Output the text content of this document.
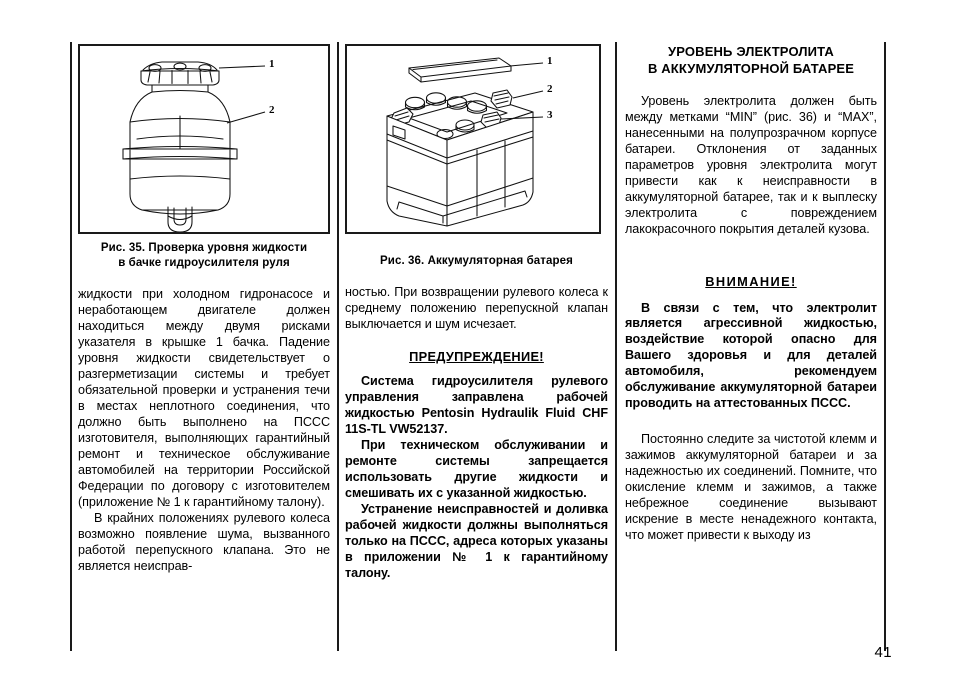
1
2
Рис. 35. Проверка уровня жидкости
в бачке гидроусилителя руля

жидкости при холодном гидронасосе и неработающем двигателе должен находиться между двумя рисками указателя в крышке 1 бачка. Падение уровня жидкости свидетельствует о разгерметизации системы и требует обязательной проверки и устранения течи в местах неплотного соединения, что должно быть выполнено на ПССС изготовителя, выполняющих гарантийный ремонт и техническое обслуживание автомобилей на территории Российской Федерации по договору с изготовителем (приложение № 1 к гарантийному талону).

В крайних положениях рулевого колеса возможно появление шума, вызванного работой перепускного клапана. Это не является неисправ-

1
2
3
Рис. 36. Аккумуляторная батарея

ностью. При возвращении рулевого колеса к среднему положению перепускной клапан выключается и шум исчезает.

ПРЕДУПРЕЖДЕНИЕ!

Система гидроусилителя рулевого управления заправлена рабочей жидкостью Pentosin Hydraulik Fluid CHF 11S-TL VW52137.

При техническом обслуживании и ремонте системы запрещается использовать другие жидкости и смешивать их с указанной жидкостью.

Устранение неисправностей и доливка рабочей жидкости должны выполняться только на ПССС, адреса которых указаны в приложении № 1 к гарантийному талону.

УРОВЕНЬ ЭЛЕКТРОЛИТА
В АККУМУЛЯТОРНОЙ БАТАРЕЕ

Уровень электролита должен быть между метками “MIN” (рис. 36) и “MAX”, нанесенными на полупрозрачном корпусе батареи. Отклонения от заданных параметров уровня электролита могут привести как к неисправности в аккумуляторной батарее, так и к выплеску электролита с повреждением лакокрасочного покрытия деталей кузова.

ВНИМАНИЕ!

В связи с тем, что электролит является агрессивной жидкостью, воздействие которой опасно для Вашего здоровья и для деталей автомобиля, рекомендуем обслуживание аккумуляторной батареи проводить на аттестованных ПССС.

Постоянно следите за чистотой клемм и зажимов аккумуляторной батареи и за надежностью их соединений. Помните, что окисление клемм и зажимов, а также небрежное соединение вызывают искрение в месте ненадежного контакта, что может привести к выходу из

41
